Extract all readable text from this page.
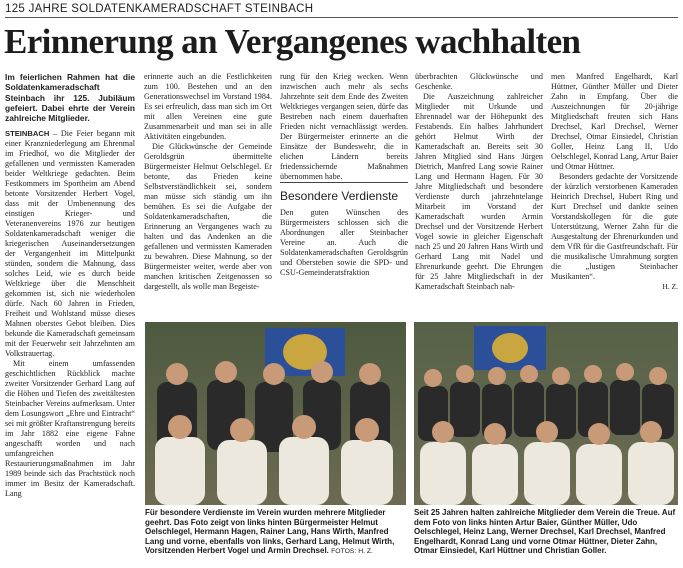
125 JAHRE SOLDATENKAMERADSCHAFT STEINBACH
Erinnerung an Vergangenes wachhalten

Im feierlichen Rahmen hat die Soldatenkameradschaft Steinbach ihr 125. Jubiläum gefeiert. Dabei ehrte der Verein zahlreiche Mitglieder.

STEINBACH – Die Feier begann mit einer Kranzniederlegung am Ehrenmal im Friedhof, wo die Mitglieder der gefallenen und vermissten Kameraden beider Weltkriege gedachten. Beim Festkommers im Sportheim am Abend betonte Vorsitzender Herbert Vogel, dass mit der Umbenennung des einstigen Krieger- und Veteranenvereins 1976 zur heutigen Soldatenkameradschaft weniger die kriegerischen Auseinandersetzungen der Vergangenheit im Mittelpunkt stünden, sondern die Mahnung, dass solches Leid, wie es durch beide Weltkriege über die Menschheit gekommen ist, sich nie wiederholen dürfe. Nach 60 Jahren in Frieden, Freiheit und Wohlstand müsse dieses Mahnen oberstes Gebot bleiben. Dies bekunde die Kameradschaft gemeinsam mit der Feuerwehr seit Jahrzehnten am Volkstrauertag.

Mit einem umfassenden geschichtlichen Rückblick machte zweiter Vorsitzender Gerhard Lang auf die Höhen und Tiefen des zweitältesten Steinbacher Vereins aufmerksam. Unter dem Losungswort „Ehre und Eintracht“ sei mit größter Kraftanstrengung bereits im Jahr 1882 eine eigene Fahne angeschafft worden und nach umfangreichen Restaurierungsmaßnahmen im Jahr 1989 beinde sich das Prachtstück noch immer im Besitz der Kameradschaft. Lang

erinnerte auch an die Festlichkeiten zum 100. Bestehen und an den Generationswechsel im Vorstand 1984. Es sei erfreulich, dass man sich im Ort mit allen Vereinen eine gute Zusammenarbeit und man sei in alle Aktivitäten eingebunden.

Die Glückwünsche der Gemeinde Geroldsgrün übermittelte Bürgermeister Helmut Oelschlegel. Er betonte, das Frieden keine Selbstverständlichkeit sei, sondern man müsse sich ständig um ihn bemühen. Es sei die Aufgabe der Soldatenkameradschaften, die Erinnerung an Vergangenes wach zu halten und das Andenken an die gefallenen und vermissten Kameraden zu bewahren. Diese Mahnung, so der Bürgermeister weiter, werde aber von manchen kritischen Zeitgenossen so dargestellt, als wolle man Begeiste-

rung für den Krieg wecken. Wenn inzwischen auch mehr als sechs Jahrzehnte seit dem Ende des Zweiten Weltkrieges vergangen seien, dürfe das Bestreben nach einem dauerhaften Frieden nicht vernachlässigt werden. Der Bürgermeister erinnerte an die Einsätze der Bundeswehr, die in elichen Ländern bereits friedenssichernde Maßnahmen übernommen habe.

Besondere Verdienste

Den guten Wünschen des Bürgermeisters schlossen sich die Abordnungen aller Steinbacher Vereine an. Auch die Soldatenkameradschaften Geroldsgrün und Obersteben sowie die SPD- und CSU-Gemeinderatsfraktion

überbrachten Glückwünsche und Geschenke.

Die Auszeichnung zahlreicher Mitglieder mit Urkunde und Ehrennadel war der Höhepunkt des Festabends. Ein halbes Jahrhundert gehört Helmut Wirth der Kameradschaft an. Bereits seit 30 Jahren Mitglied sind Hans Jürgen Dietrich, Manfred Lang sowie Rainer Lang und Hermann Hagen. Für 30 Jahre Mitgliedschaft und besondere Verdienste durch jahrzehntelange Mitarbeit im Vorstand der Kameradschaft wurden Armin Drechsel und der Vorsitzende Herbert Vogel sowie in gleicher Eigenschaft nach 25 und 20 Jahren Hans Wirth und Gerhard Lang mit Nadel und Ehrenurkunde geehrt. Die Ehrungen für 25 Jahre Mitgliedschaft in der Kameradschaft Steinbach nah-

men Manfred Engelhardt, Karl Hüttner, Günther Müller und Dieter Zahn in Empfang. Über die Auszeichnungen für 20-jährige Mitgliedschaft freuten sich Hans Drechsel, Karl Drechsel, Werner Drechsel, Otmar Einsiedel, Christian Goller, Heinz Lang II, Udo Oelschlegel, Konrad Lang, Artur Baier und Otmar Hüttner.

Besonders gedachte der Vorsitzende der kürzlich verstorbenen Kameraden Heinrich Drechsel, Hubert Ring und Kurt Drechsel und dankte seinen Vorstandskollegen für die gute Unterstützung, Werner Zahn für die Ausgestaltung der Ehrenurkunden und dem VfR für die Gastfreundschaft. Für die musikalische Umrahmung sorgten die „lustigen Steinbacher Musikanten“.

H. Z.

Für besondere Verdienste im Verein wurden mehrere Mitglieder geehrt. Das Foto zeigt von links hinten Bürgermeister Helmut Oelschlegel, Hermann Hagen, Rainer Lang, Hans Wirth, Manfred Lang und vorne, ebenfalls von links, Gerhard Lang, Helmut Wirth, Vorsitzenden Herbert Vogel und Armin Drechsel. FOTOS: H. Z.
Seit 25 Jahren halten zahlreiche Mitglieder dem Verein die Treue. Auf dem Foto von links hinten Artur Baier, Günther Müller, Udo Oelschlegel, Heinz Lang, Werner Drechsel, Karl Drechsel, Manfred Engelhardt, Konrad Lang und vorne Otmar Hüttner, Dieter Zahn, Otmar Einsiedel, Karl Hüttner und Christian Goller.
